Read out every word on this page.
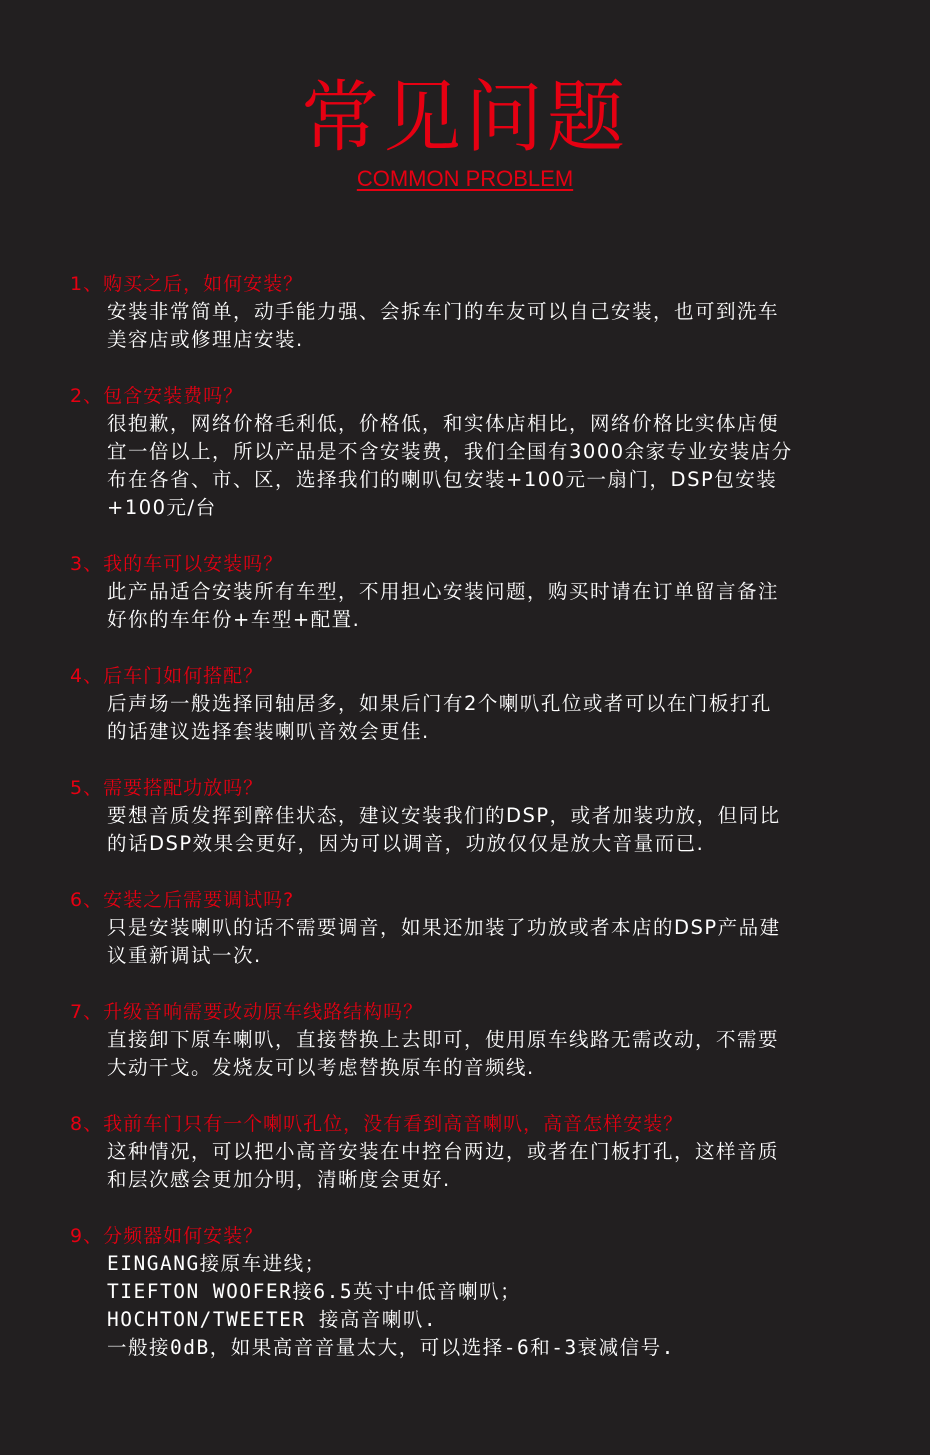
常见问题
COMMON PROBLEM
1、购买之后，如何安装？
安装非常简单，动手能力强、会拆车门的车友可以自己安装，也可到洗车
美容店或修理店安装.
2、包含安装费吗？
很抱歉，网络价格毛利低，价格低，和实体店相比，网络价格比实体店便
宜一倍以上，所以产品是不含安装费，我们全国有3000余家专业安装店分
布在各省、市、区，选择我们的喇叭包安装+100元一扇门，DSP包安装
+100元/台
3、我的车可以安装吗？
此产品适合安装所有车型，不用担心安装问题，购买时请在订单留言备注
好你的车年份+车型+配置.
4、后车门如何搭配？
后声场一般选择同轴居多，如果后门有2个喇叭孔位或者可以在门板打孔
的话建议选择套装喇叭音效会更佳.
5、需要搭配功放吗？
要想音质发挥到醉佳状态，建议安装我们的DSP，或者加装功放，但同比
的话DSP效果会更好，因为可以调音，功放仅仅是放大音量而已.
6、安装之后需要调试吗?
只是安装喇叭的话不需要调音，如果还加装了功放或者本店的DSP产品建
议重新调试一次.
7、升级音响需要改动原车线路结构吗？
直接卸下原车喇叭，直接替换上去即可，使用原车线路无需改动，不需要
大动干戈。发烧友可以考虑替换原车的音频线.
8、我前车门只有一个喇叭孔位，没有看到高音喇叭，高音怎样安装？
这种情况，可以把小高音安装在中控台两边，或者在门板打孔，这样音质
和层次感会更加分明，清晰度会更好.
9、分频器如何安装？
EINGANG接原车进线；
TIEFTON WOOFER接6.5英寸中低音喇叭；
HOCHTON/TWEETER 接高音喇叭.
一般接0dB，如果高音音量太大，可以选择-6和-3衰减信号.
